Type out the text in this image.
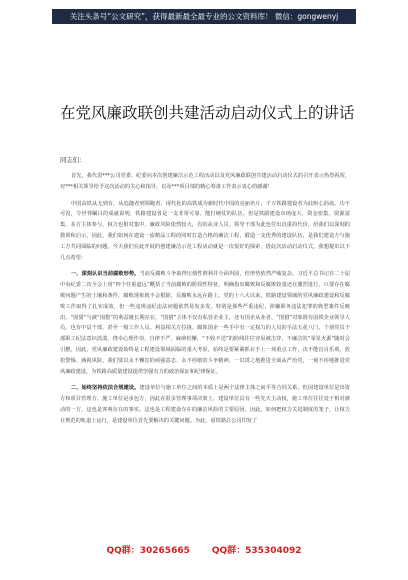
关注头条号“公文研究”，获得最新最全最专业的公文资料库！ 微信：gongwenyj
在党风廉政联创共建活动启动仪式上的讲话
同志们：

首先，我代表***公司党委、纪委向本次创建廉洁示范工程活动以及党风廉政联创共建活动启动仪式的召开表示热烈祝贺，对***相关领导给予这次活动的关心和指导，以及***项目部的精心筹备工作表示衷心的感谢！

中国高铁从无到有，从追随者到领跑者，现代化的高铁成为新时代中国的亮丽名片，千万铁路建设者为此呕心沥血、功不可没，令世界瞩目的成就说明，铁路建设者是一支非常可靠、能打硬仗的队伍。但是铁路建设市场庞大、资金密集、资源富集、多方主体参与，权力也相对集中，廉政风险依然较大，有的从业人员、领导干部为此也付出沉重的代价，给我们以深刻的教训和启示。因此，我们如何在建设一流精品工程的同时打造合格的廉洁工程，锻造一支优秀的建设队伍，是我们建设方与施工方共同面临的问题。今天我们在此开展的创建廉洁示范工程活动就是一次很好的探索，借此次活动启动仪式，我想提出以下几点希望：

一、深刻认识当前腐败形势。当前反腐败斗争取得压倒性胜利并全面巩固，但形势依然严峻复杂。习近平总书记在二十届中央纪委二次全会上用“四个任重道远”概括了当前腐败的阶段性特征，明确指出腐败和反腐败较量还在激烈进行，只要存在腐败问题产生的土壤和条件，腐败现象就不会根除，反腐败永远在路上。党的十八大以来，铁路建设领域的党风廉政建设和反腐败工作取得了扎实成效，但一些违规违纪违法问题依然易发多发，特别是那些严重违纪、涉嫌职务违法犯罪的典型案件反映出，“围猎”与被“围猎”的利益链长期存在，“围猎”主体不仅有私营企业主，还有国企从业者。“围猎”对象既有国铁企业领导人员，也有中层干部，甚至一般工作人员。利益相关方拉拢、腐蚀国企一些手中有一定权力的人员的手法五花八门，个别党员干部职工纪法意识淡漠，侥幸心理作祟，自律不严，麻痹松懈，“不收不送”的防线往往容易被击穿，不廉洁的“零星火源”随时会引燃。因此，党风廉政建设始终是工程建设领域面临的重大考验，始终是要紧紧抓在手上一项重点工作，决不能盲目乐观、放松警惕、满视风险，我们要以永不懈怠的顽强意志、永不停歇的斗争精神，一以贯之地推进全面从严治党，一刻不停地推进党风廉政建设，为铁路高质量建设提供坚强有力的政治保证和纪律保证。

二、始终坚持依法合规建设。建设单位与施工单位之间的本质上是两个法律主体之间平等合同关系，但因建设单位是出资方和项目管理方，施工单位是承包方，因此在很多管理事项决策上，建设单位具有一些先天主动权，施工单位往往处于相对被动的一方，这也是客观存在的事实。这也是工程建设存在的廉洁风险的主要原因。因此，如何把权力关进制度的笼子，让权力在规范的轨道上运行，是建设单位首先要解决的关键问题。为此，原铁路总公司印发了

QQ群：30265665 QQ群：535304092
